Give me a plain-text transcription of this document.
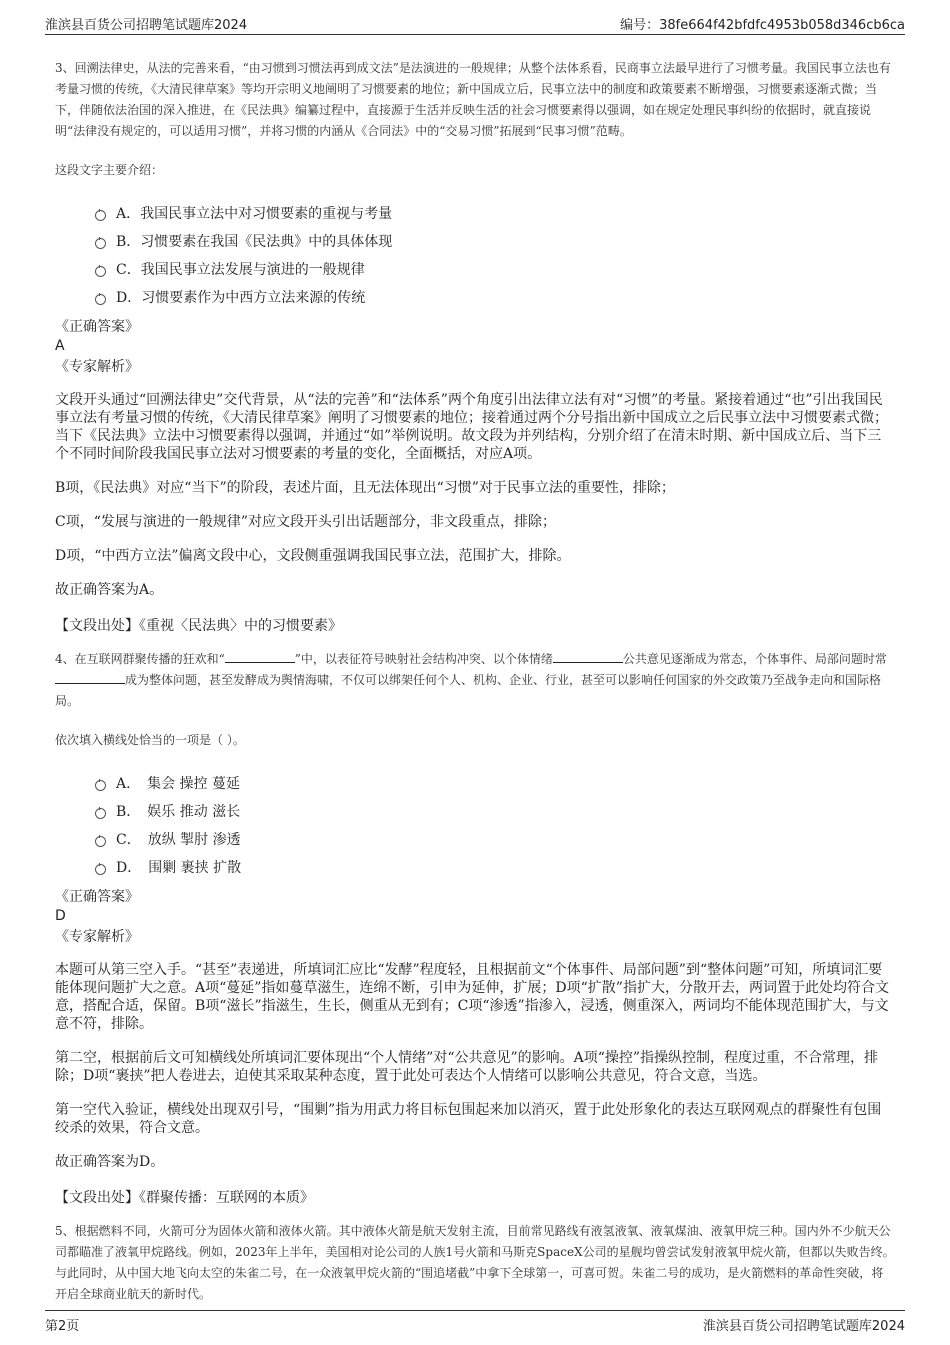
淮滨县百货公司招聘笔试题库2024	编号：38fe664f42bfdfc4953b058d346cb6ca

3、回溯法律史，从法的完善来看，“由习惯到习惯法再到成文法”是法演进的一般规律；从整个法体系看，民商事立法最早进行了习惯考量。我国民事立法也有考量习惯的传统，《大清民律草案》等均开宗明义地阐明了习惯要素的地位；新中国成立后，民事立法中的制度和政策要素不断增强，习惯要素逐渐式微；当下，伴随依法治国的深入推进，在《民法典》编纂过程中，直接源于生活并反映生活的社会习惯要素得以强调，如在规定处理民事纠纷的依据时，就直接说明“法律没有规定的，可以适用习惯”，并将习惯的内涵从《合同法》中的“交易习惯”拓展到“民事习惯”范畴。

这段文字主要介绍：

A．我国民事立法中对习惯要素的重视与考量
B．习惯要素在我国《民法典》中的具体体现
C．我国民事立法发展与演进的一般规律
D．习惯要素作为中西方立法来源的传统

《正确答案》

A

《专家解析》

文段开头通过“回溯法律史”交代背景，从“法的完善”和“法体系”两个角度引出法律立法有对“习惯”的考量。紧接着通过“也”引出我国民事立法有考量习惯的传统，《大清民律草案》阐明了习惯要素的地位；接着通过两个分号指出新中国成立之后民事立法中习惯要素式微；当下《民法典》立法中习惯要素得以强调，并通过“如”举例说明。故文段为并列结构，分别介绍了在清末时期、新中国成立后、当下三个不同时间阶段我国民事立法对习惯要素的考量的变化，全面概括，对应A项。

B项，《民法典》对应“当下”的阶段，表述片面，且无法体现出“习惯”对于民事立法的重要性，排除；

C项，“发展与演进的一般规律”对应文段开头引出话题部分，非文段重点，排除；

D项，“中西方立法”偏离文段中心，文段侧重强调我国民事立法，范围扩大，排除。

故正确答案为A。

【文段出处】《重视〈民法典〉中的习惯要素》

4、在互联网群聚传播的狂欢和“	”中，以表征符号映射社会结构冲突、以个体情绪	公共意见逐渐成为常态，个体事件、局部问题时常成为整体问题，甚至发酵成为舆情海啸，不仅可以绑架任何个人、机构、企业、行业，甚至可以影响任何国家的外交政策乃至战争走向和国际格局。

依次填入横线处恰当的一项是（ ）。

A．　集会 操控 蔓延
B．　娱乐 推动 滋长
C．　放纵 掣肘 渗透
D．　围剿 裹挟 扩散

《正确答案》

D

《专家解析》

本题可从第三空入手。“甚至”表递进，所填词汇应比“发酵”程度轻，且根据前文“个体事件、局部问题”到“整体问题”可知，所填词汇要能体现问题扩大之意。A项“蔓延”指如蔓草滋生，连绵不断，引申为延伸，扩展；D项“扩散”指扩大，分散开去，两词置于此处均符合文意，搭配合适，保留。B项“滋长”指滋生，生长，侧重从无到有；C项“渗透”指渗入，浸透，侧重深入，两词均不能体现范围扩大，与文意不符，排除。

第二空，根据前后文可知横线处所填词汇要体现出“个人情绪”对“公共意见”的影响。A项“操控”指操纵控制，程度过重，不合常理，排除；D项“裹挟”把人卷进去，迫使其采取某种态度，置于此处可表达个人情绪可以影响公共意见，符合文意，当选。

第一空代入验证，横线处出现双引号，“围剿”指为用武力将目标包围起来加以消灭，置于此处形象化的表达互联网观点的群聚性有包围绞杀的效果，符合文意。

故正确答案为D。

【文段出处】《群聚传播：互联网的本质》

5、根据燃料不同，火箭可分为固体火箭和液体火箭。其中液体火箭是航天发射主流，目前常见路线有液氢液氧、液氧煤油、液氧甲烷三种。国内外不少航天公司都瞄准了液氧甲烷路线。例如，2023年上半年，美国相对论公司的人族1号火箭和马斯克SpaceX公司的星舰均曾尝试发射液氧甲烷火箭，但都以失败告终。与此同时，从中国大地飞向太空的朱雀二号，在一众液氧甲烷火箭的“围追堵截”中拿下全球第一，可喜可贺。朱雀二号的成功，是火箭燃料的革命性突破，将开启全球商业航天的新时代。

第2页	淮滨县百货公司招聘笔试题库2024
